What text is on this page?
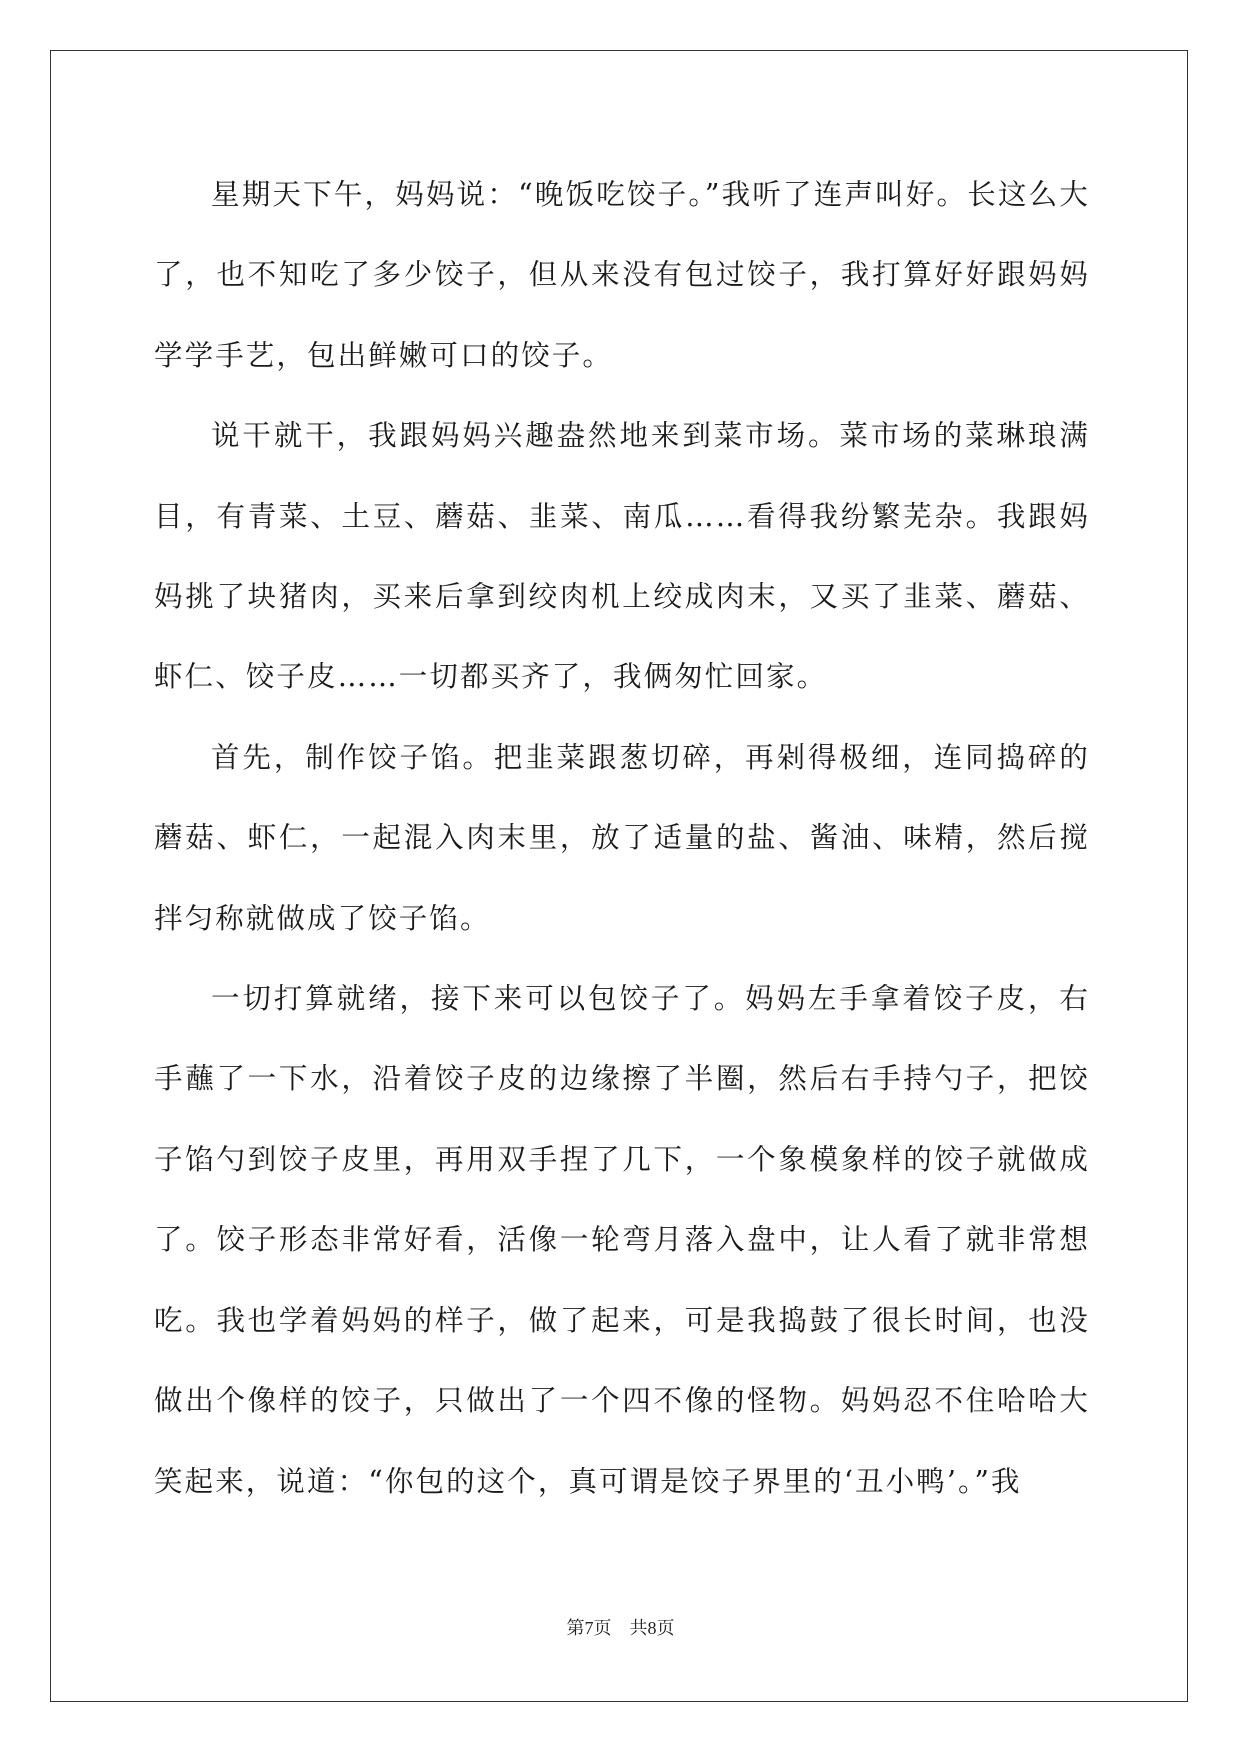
星期天下午，妈妈说：“晚饭吃饺子。”我听了连声叫好。长这么大了，也不知吃了多少饺子，但从来没有包过饺子，我打算好好跟妈妈学学手艺，包出鲜嫩可口的饺子。

说干就干，我跟妈妈兴趣盎然地来到菜市场。菜市场的菜琳琅满目，有青菜、土豆、蘑菇、韭菜、南瓜……看得我纷繁芜杂。我跟妈妈挑了块猪肉，买来后拿到绞肉机上绞成肉末，又买了韭菜、蘑菇、虾仁、饺子皮……一切都买齐了，我俩匆忙回家。

首先，制作饺子馅。把韭菜跟葱切碎，再剁得极细，连同捣碎的蘑菇、虾仁，一起混入肉末里，放了适量的盐、酱油、味精，然后搅拌匀称就做成了饺子馅。

一切打算就绪，接下来可以包饺子了。妈妈左手拿着饺子皮，右手蘸了一下水，沿着饺子皮的边缘擦了半圈，然后右手持勺子，把饺子馅勺到饺子皮里，再用双手捏了几下，一个象模象样的饺子就做成了。饺子形态非常好看，活像一轮弯月落入盘中，让人看了就非常想吃。我也学着妈妈的样子，做了起来，可是我捣鼓了很长时间，也没做出个像样的饺子，只做出了一个四不像的怪物。妈妈忍不住哈哈大笑起来，说道：“你包的这个，真可谓是饺子界里的‘丑小鸭’。”我

第7页 共8页
